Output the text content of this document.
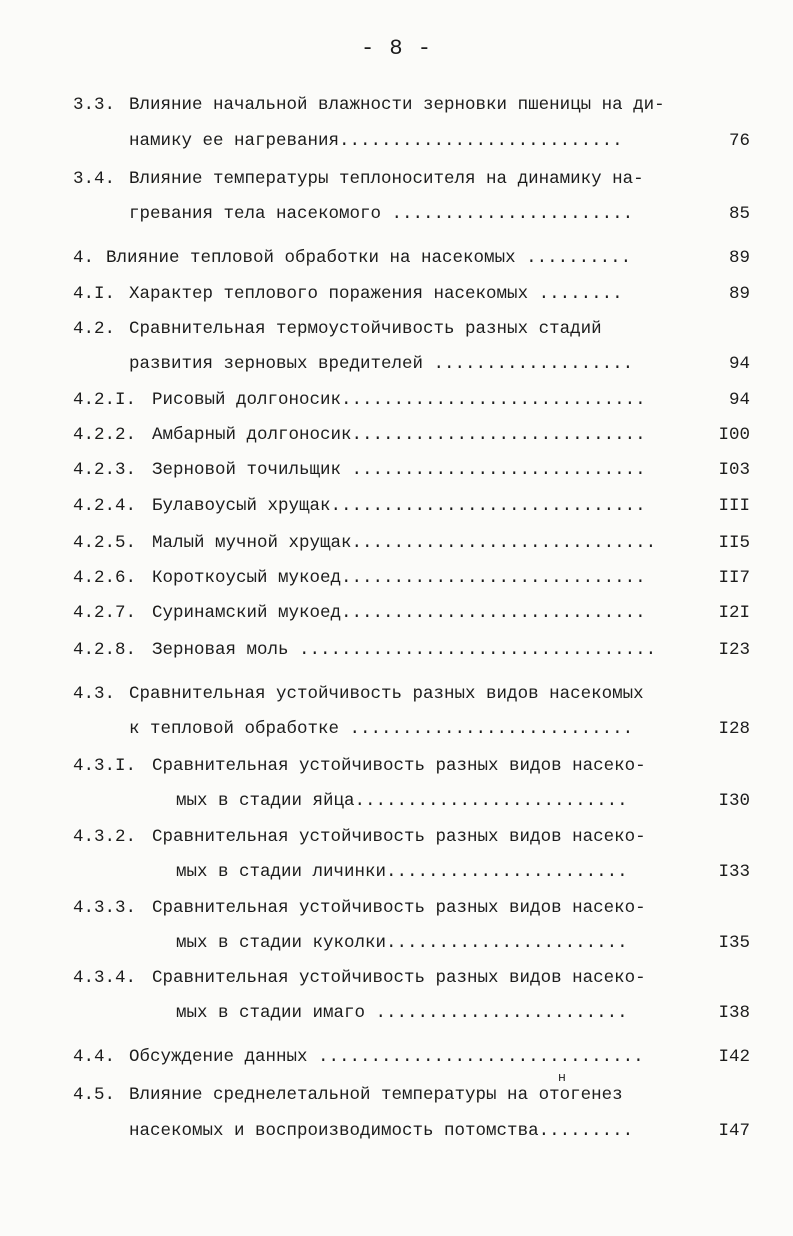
- 8 -
3.3. Влияние начальной влажности зерновки пшеницы на ди-
намику ее нагревания...........................	76
3.4. Влияние температуры теплоносителя на динамику на-
гревания тела насекомого .......................	85
4. Влияние тепловой обработки на насекомых ..........	89
4.I. Характер теплового поражения насекомых ........	89
4.2. Сравнительная термоустойчивость разных стадий
развития зерновых вредителей ...................	94
4.2.I. Рисовый долгоносик.............................	94
4.2.2. Амбарный долгоносик............................	I00
4.2.3. Зерновой точильщик ............................	I03
4.2.4. Булавоусый хрущак..............................	III
4.2.5. Малый мучной хрущак.............................	II5
4.2.6. Короткоусый мукоед.............................	II7
4.2.7. Суринамский мукоед.............................	I2I
4.2.8. Зерновая моль ..................................	I23
4.3. Сравнительная устойчивость разных видов насекомых
к тепловой обработке ...........................	I28
4.3.I. Сравнительная устойчивость разных видов насеко-
мых в стадии яйца..........................	I30
4.3.2. Сравнительная устойчивость разных видов насеко-
мых в стадии личинки.......................	I33
4.3.3. Сравнительная устойчивость разных видов насеко-
мых в стадии куколки.......................	I35
4.3.4. Сравнительная устойчивость разных видов насеко-
мых в стадии имаго ........................	I38
4.4. Обсуждение данных ...............................	I42
н
4.5. Влияние среднелетальной температуры на отогенез
насекомых и воспроизводимость потомства.........	I47
